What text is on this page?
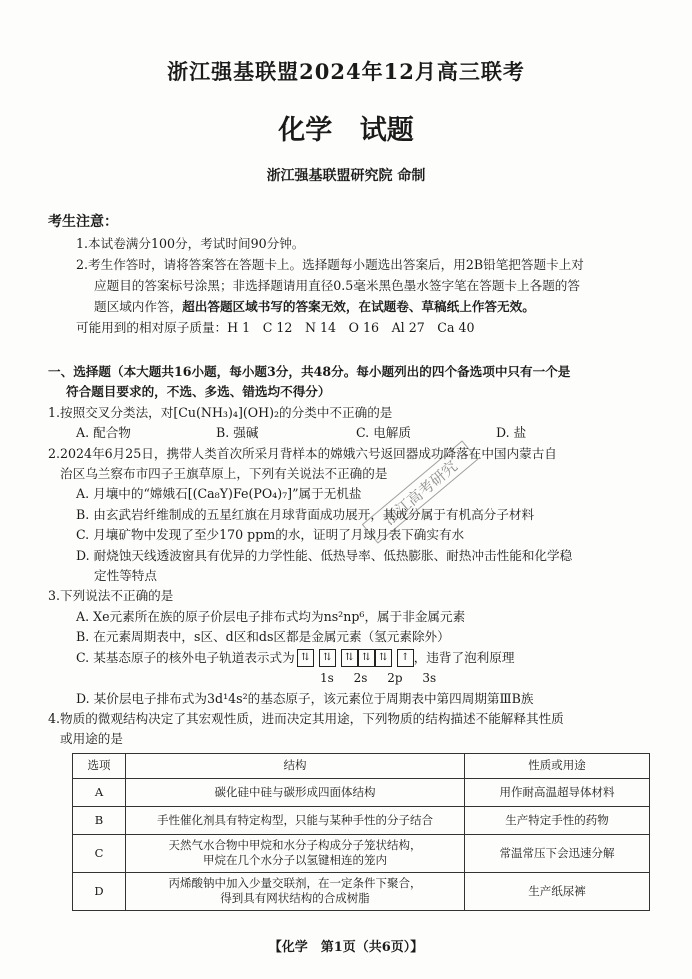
浙江强基联盟2024年12月高三联考
化学 试题
浙江强基联盟研究院 命制
考生注意：
1.本试卷满分100分，考试时间90分钟。
2.考生作答时，请将答案答在答题卡上。选择题每小题选出答案后，用2B铅笔把答题卡上对
应题目的答案标号涂黑；非选择题请用直径0.5毫米黑色墨水签字笔在答题卡上各题的答
题区域内作答，超出答题区域书写的答案无效，在试题卷、草稿纸上作答无效。
可能用到的相对原子质量：H 1　C 12　N 14　O 16　Al 27　Ca 40
一、选择题（本大题共16小题，每小题3分，共48分。每小题列出的四个备选项中只有一个是
符合题目要求的，不选、多选、错选均不得分）
1.按照交叉分类法，对[Cu(NH₃)₄](OH)₂的分类中不正确的是
A. 配合物	B. 强碱	C. 电解质	D. 盐
2.2024年6月25日，携带人类首次所采月背样本的嫦娥六号返回器成功降落在中国内蒙古自
治区乌兰察布市四子王旗草原上，下列有关说法不正确的是
A. 月壤中的“嫦娥石[(Ca₈Y)Fe(PO₄)₇]”属于无机盐
B. 由玄武岩纤维制成的五星红旗在月球背面成功展开，其成分属于有机高分子材料
C. 月壤矿物中发现了至少170 ppm的水，证明了月球月表下确实有水
D. 耐烧蚀天线透波窗具有优异的力学性能、低热导率、低热膨胀、耐热冲击性能和化学稳
定性等特点
3.下列说法不正确的是
A. Xe元素所在族的原子价层电子排布式均为ns²np⁶，属于非金属元素
B. 在元素周期表中，s区、d区和ds区都是金属元素（氢元素除外）
C. 某基态原子的核外电子轨道表示式为 ⇅	⇅	⇅ ⇅ ⇅	↑ ，违背了泡利原理
1s 2s 2p 3s
D. 某价层电子排布式为3d¹4s²的基态原子，该元素位于周期表中第四周期第ⅢB族
4.物质的微观结构决定了其宏观性质，进而决定其用途，下列物质的结构描述不能解释其性质
或用途的是
选项	结构	性质或用途
A	碳化硅中硅与碳形成四面体结构	用作耐高温超导体材料
B	手性催化剂具有特定构型，只能与某种手性的分子结合	生产特定手性的药物
C	天然气水合物中甲烷和水分子构成分子笼状结构，
甲烷在几个水分子以氢键相连的笼内	常温常压下会迅速分解
D	丙烯酸钠中加入少量交联剂，在一定条件下聚合，
得到具有网状结构的合成树脂	生产纸尿裤
【化学　第1页（共6页）】
浙江高考研究
